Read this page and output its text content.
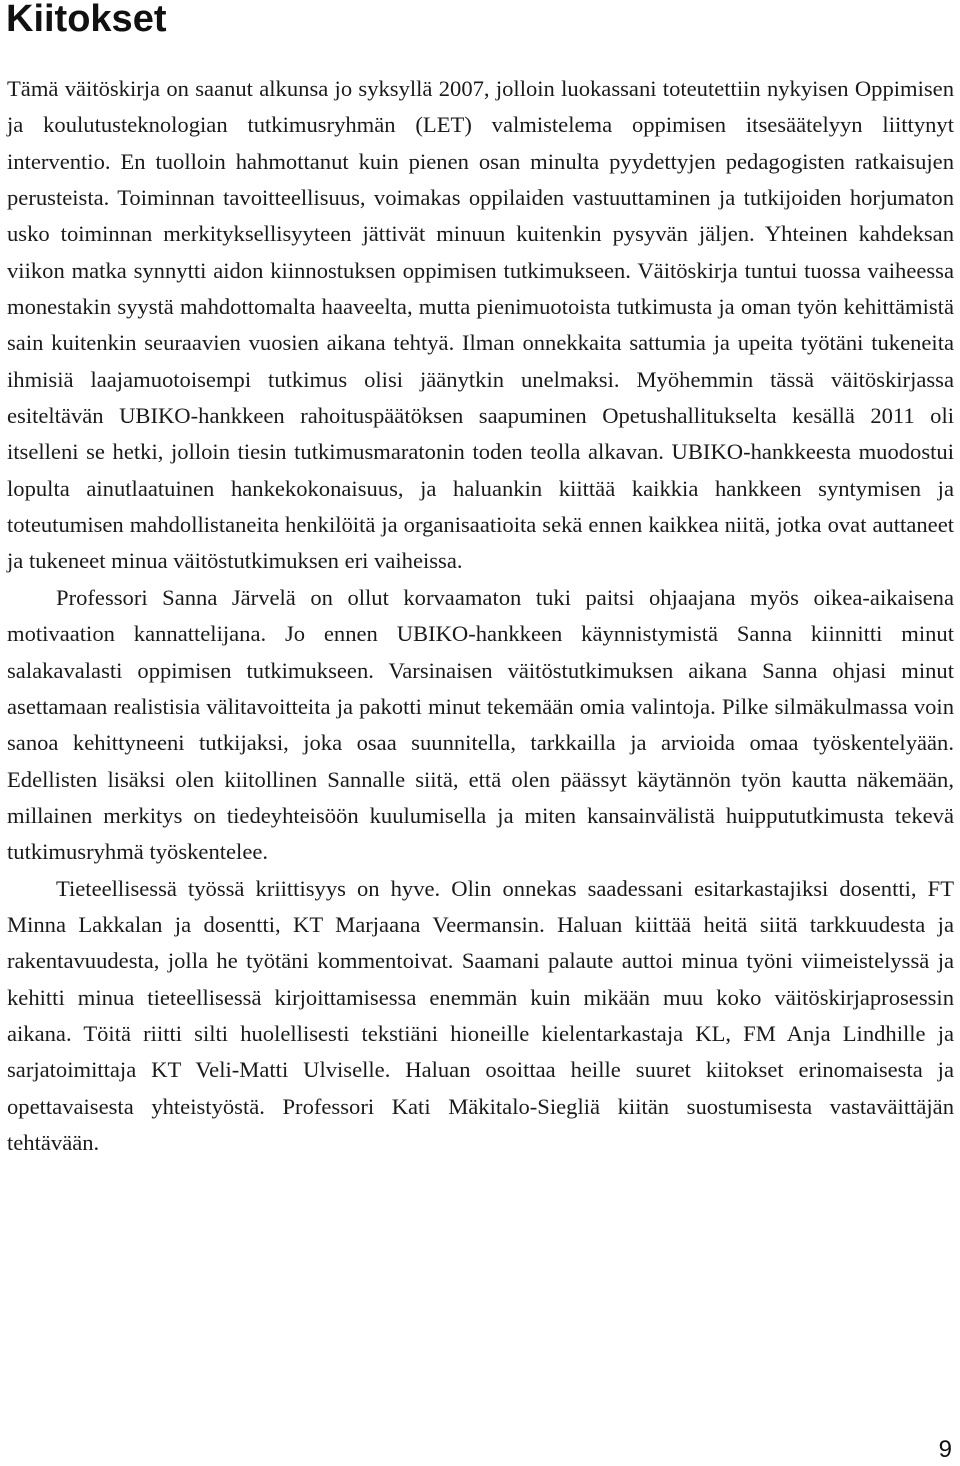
Kiitokset

Tämä väitöskirja on saanut alkunsa jo syksyllä 2007, jolloin luokassani toteutettiin nykyisen Oppimisen ja koulutusteknologian tutkimusryhmän (LET) valmistelema oppimisen itsesäätelyyn liittynyt interventio. En tuolloin hahmottanut kuin pienen osan minulta pyydettyjen pedagogisten ratkaisujen perusteista. Toiminnan tavoitteellisuus, voimakas oppilaiden vastuuttaminen ja tutkijoiden horjumaton usko toiminnan merkityksellisyyteen jättivät minuun kuitenkin pysyvän jäljen. Yhteinen kahdeksan viikon matka synnytti aidon kiinnostuksen oppimisen tutkimukseen. Väitöskirja tuntui tuossa vaiheessa monestakin syystä mahdottomalta haaveelta, mutta pienimuotoista tutkimusta ja oman työn kehittämistä sain kuitenkin seuraavien vuosien aikana tehtyä. Ilman onnekkaita sattumia ja upeita työtäni tukeneita ihmisiä laajamuotoisempi tutkimus olisi jäänytkin unelmaksi. Myöhemmin tässä väitöskirjassa esiteltävän UBIKO-hankkeen rahoituspäätöksen saapuminen Opetushallitukselta kesällä 2011 oli itselleni se hetki, jolloin tiesin tutkimusmaratonin toden teolla alkavan. UBIKO-hankkeesta muodostui lopulta ainutlaatuinen hankekokonaisuus, ja haluankin kiittää kaikkia hankkeen syntymisen ja toteutumisen mahdollistaneita henkilöitä ja organisaatioita sekä ennen kaikkea niitä, jotka ovat auttaneet ja tukeneet minua väitöstutkimuksen eri vaiheissa.

Professori Sanna Järvelä on ollut korvaamaton tuki paitsi ohjaajana myös oikea-aikaisena motivaation kannattelijana. Jo ennen UBIKO-hankkeen käynnistymistä Sanna kiinnitti minut salakavalasti oppimisen tutkimukseen. Varsinaisen väitöstutkimuksen aikana Sanna ohjasi minut asettamaan realistisia välitavoitteita ja pakotti minut tekemään omia valintoja. Pilke silmäkulmassa voin sanoa kehittyneeni tutkijaksi, joka osaa suunnitella, tarkkailla ja arvioida omaa työskentelyään. Edellisten lisäksi olen kiitollinen Sannalle siitä, että olen päässyt käytännön työn kautta näkemään, millainen merkitys on tiedeyhteisöön kuulumisella ja miten kansainvälistä huippututkimusta tekevä tutkimusryhmä työskentelee.

Tieteellisessä työssä kriittisyys on hyve. Olin onnekas saadessani esitarkastajiksi dosentti, FT Minna Lakkalan ja dosentti, KT Marjaana Veermansin. Haluan kiittää heitä siitä tarkkuudesta ja rakentavuudesta, jolla he työtäni kommentoivat. Saamani palaute auttoi minua työni viimeistelyssä ja kehitti minua tieteellisessä kirjoittamisessa enemmän kuin mikään muu koko väitöskirjaprosessin aikana. Töitä riitti silti huolellisesti tekstiäni hioneille kielentarkastaja KL, FM Anja Lindhille ja sarjatoimittaja KT Veli-Matti Ulviselle. Haluan osoittaa heille suuret kiitokset erinomaisesta ja opettavaisesta yhteistyöstä. Professori Kati Mäkitalo-Siegliä kiitän suostumisesta vastaväittäjän tehtävään.

9
